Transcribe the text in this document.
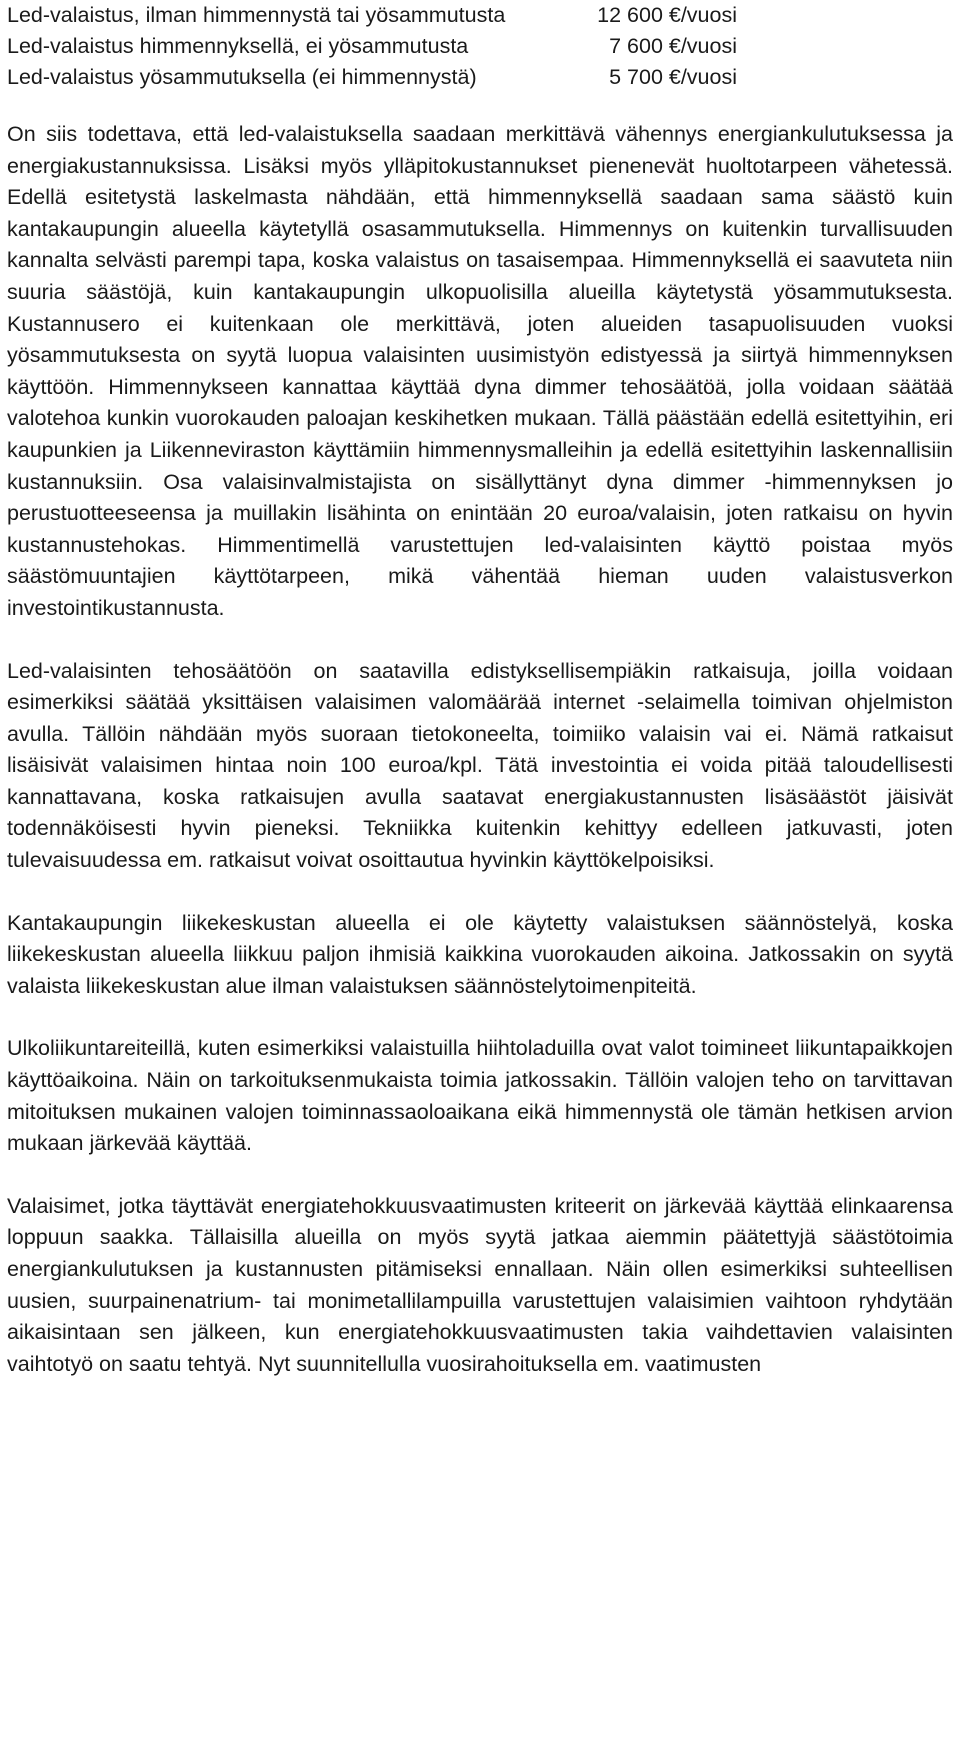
Led-valaistus, ilman himmennystä tai yösammutusta	12 600 €/vuosi
Led-valaistus himmennyksellä, ei yösammutusta	7 600 €/vuosi
Led-valaistus yösammutuksella (ei himmennystä)	5 700 €/vuosi

On siis todettava, että led-valaistuksella saadaan merkittävä vähennys energiankulutuksessa ja energiakustannuksissa. Lisäksi myös ylläpitokustannukset pienenevät huoltotarpeen vähetessä. Edellä esitetystä laskelmasta nähdään, että himmennyksellä saadaan sama säästö kuin kantakaupungin alueella käytetyllä osasammutuksella. Himmennys on kuitenkin turvallisuuden kannalta selvästi parempi tapa, koska valaistus on tasaisempaa. Himmennyksellä ei saavuteta niin suuria säästöjä, kuin kantakaupungin ulkopuolisilla alueilla käytetystä yösammutuksesta. Kustannusero ei kuitenkaan ole merkittävä, joten alueiden tasapuolisuuden vuoksi yösammutuksesta on syytä luopua valaisinten uusimistyön edistyessä ja siirtyä himmennyksen käyttöön. Himmennykseen kannattaa käyttää dyna dimmer tehosäätöä, jolla voidaan säätää valotehoa kunkin vuorokauden paloajan keskihetken mukaan. Tällä päästään edellä esitettyihin, eri kaupunkien ja Liikenneviraston käyttämiin himmennysmalleihin ja edellä esitettyihin laskennallisiin kustannuksiin. Osa valaisinvalmistajista on sisällyttänyt dyna dimmer -himmennyksen jo perustuotteeseensa ja muillakin lisähinta on enintään 20 euroa/valaisin, joten ratkaisu on hyvin kustannustehokas. Himmentimellä varustettujen led-valaisinten käyttö poistaa myös säästömuuntajien käyttötarpeen, mikä vähentää hieman uuden valaistusverkon investointikustannusta.

Led-valaisinten tehosäätöön on saatavilla edistyksellisempiäkin ratkaisuja, joilla voidaan esimerkiksi säätää yksittäisen valaisimen valomäärää internet -selaimella toimivan ohjelmiston avulla. Tällöin nähdään myös suoraan tietokoneelta, toimiiko valaisin vai ei. Nämä ratkaisut lisäisivät valaisimen hintaa noin 100 euroa/kpl. Tätä investointia ei voida pitää taloudellisesti kannattavana, koska ratkaisujen avulla saatavat energiakustannusten lisäsäästöt jäisivät todennäköisesti hyvin pieneksi. Tekniikka kuitenkin kehittyy edelleen jatkuvasti, joten tulevaisuudessa em. ratkaisut voivat osoittautua hyvinkin käyttökelpoisiksi.

Kantakaupungin liikekeskustan alueella ei ole käytetty valaistuksen säännöstelyä, koska liikekeskustan alueella liikkuu paljon ihmisiä kaikkina vuorokauden aikoina. Jatkossakin on syytä valaista liikekeskustan alue ilman valaistuksen säännöstelytoimenpiteitä.

Ulkoliikuntareiteillä, kuten esimerkiksi valaistuilla hiihtoladuilla ovat valot toimineet liikuntapaikkojen käyttöaikoina. Näin on tarkoituksenmukaista toimia jatkossakin. Tällöin valojen teho on tarvittavan mitoituksen mukainen valojen toiminnassaoloaikana eikä himmennystä ole tämän hetkisen arvion mukaan järkevää käyttää.

Valaisimet, jotka täyttävät energiatehokkuusvaatimusten kriteerit on järkevää käyttää elinkaarensa loppuun saakka. Tällaisilla alueilla on myös syytä jatkaa aiemmin päätettyjä säästötoimia energiankulutuksen ja kustannusten pitämiseksi ennallaan. Näin ollen esimerkiksi suhteellisen uusien, suurpainenatrium- tai monimetallilampuilla varustettujen valaisimien vaihtoon ryhdytään aikaisintaan sen jälkeen, kun energiatehokkuusvaatimusten takia vaihdettavien valaisinten vaihtotyö on saatu tehtyä. Nyt suunnitellulla vuosirahoituksella em. vaatimusten
